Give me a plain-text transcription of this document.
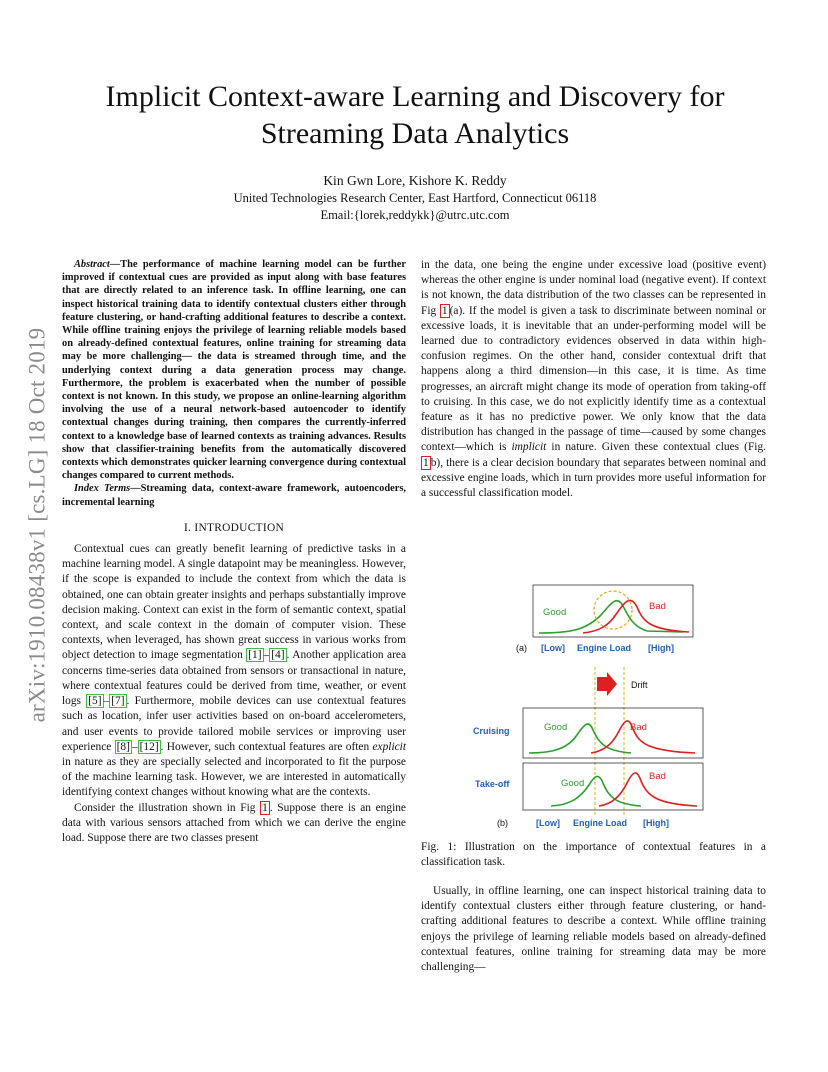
arXiv:1910.08438v1 [cs.LG] 18 Oct 2019
Implicit Context-aware Learning and Discovery for
Streaming Data Analytics
Kin Gwn Lore, Kishore K. Reddy
United Technologies Research Center, East Hartford, Connecticut 06118
Email:{lorek,reddykk}@utrc.utc.com

Abstract—The performance of machine learning model can be further improved if contextual cues are provided as input along with base features that are directly related to an inference task. In offline learning, one can inspect historical training data to identify contextual clusters either through feature clustering, or hand-crafting additional features to describe a context. While offline training enjoys the privilege of learning reliable models based on already-defined contextual features, online training for streaming data may be more challenging— the data is streamed through time, and the underlying context during a data generation process may change. Furthermore, the problem is exacerbated when the number of possible context is not known. In this study, we propose an online-learning algorithm involving the use of a neural network-based autoencoder to identify contextual changes during training, then compares the currently-inferred context to a knowledge base of learned contexts as training advances. Results show that classifier-training benefits from the automatically discovered contexts which demonstrates quicker learning convergence during contextual changes compared to current methods.

Index Terms—Streaming data, context-aware framework, autoencoders, incremental learning

I. INTRODUCTION

Contextual cues can greatly benefit learning of predictive tasks in a machine learning model. A single datapoint may be meaningless. However, if the scope is expanded to include the context from which the data is obtained, one can obtain greater insights and perhaps substantially improve decision making. Context can exist in the form of semantic context, spatial context, and scale context in the domain of computer vision. These contexts, when leveraged, has shown great success in various works from object detection to image segmentation [1] – [4] . Another application area concerns time-series data obtained from sensors or transactional in nature, where contextual features could be derived from time, weather, or event logs [5] – [7] . Furthermore, mobile devices can use contextual features such as location, infer user activities based on on-board accelerometers, and user events to provide tailored mobile services or improving user experience [8] – [12] . However, such contextual features are often explicit in nature as they are specially selected and incorporated to fit the purpose of the machine learning task. However, we are interested in automatically identifying context changes without knowing what are the contexts.

Consider the illustration shown in Fig 1 . Suppose there is an engine data with various sensors attached from which we can derive the engine load. Suppose there are two classes present

in the data, one being the engine under excessive load (positive event) whereas the other engine is under nominal load (negative event). If context is not known, the data distribution of the two classes can be represented in Fig 1 (a). If the model is given a task to discriminate between nominal or excessive loads, it is inevitable that an under-performing model will be learned due to contradictory evidences observed in data within high-confusion regimes. On the other hand, consider contextual drift that happens along a third dimension—in this case, it is time. As time progresses, an aircraft might change its mode of operation from taking-off to cruising. In this case, we do not explicitly identify time as a contextual feature as it has no predictive power. We only know that the data distribution has changed in the passage of time—caused by some changes context—which is implicit in nature. Given these contextual clues (Fig. 1 b), there is a clear decision boundary that separates between nominal and excessive engine loads, which in turn provides more useful information for a successful classification model.

Good
Bad
(a) [Low] Engine Load [High]
Drift
Good	Bad
Cruising
Good
Bad
Take-off
(b)	[Low] Engine Load [High]
Fig. 1: Illustration on the importance of contextual features in a classification task.

Usually, in offline learning, one can inspect historical training data to identify contextual clusters either through feature clustering, or hand-crafting additional features to describe a context. While offline training enjoys the privilege of learning reliable models based on already-defined contextual features, online training for streaming data may be more challenging—
